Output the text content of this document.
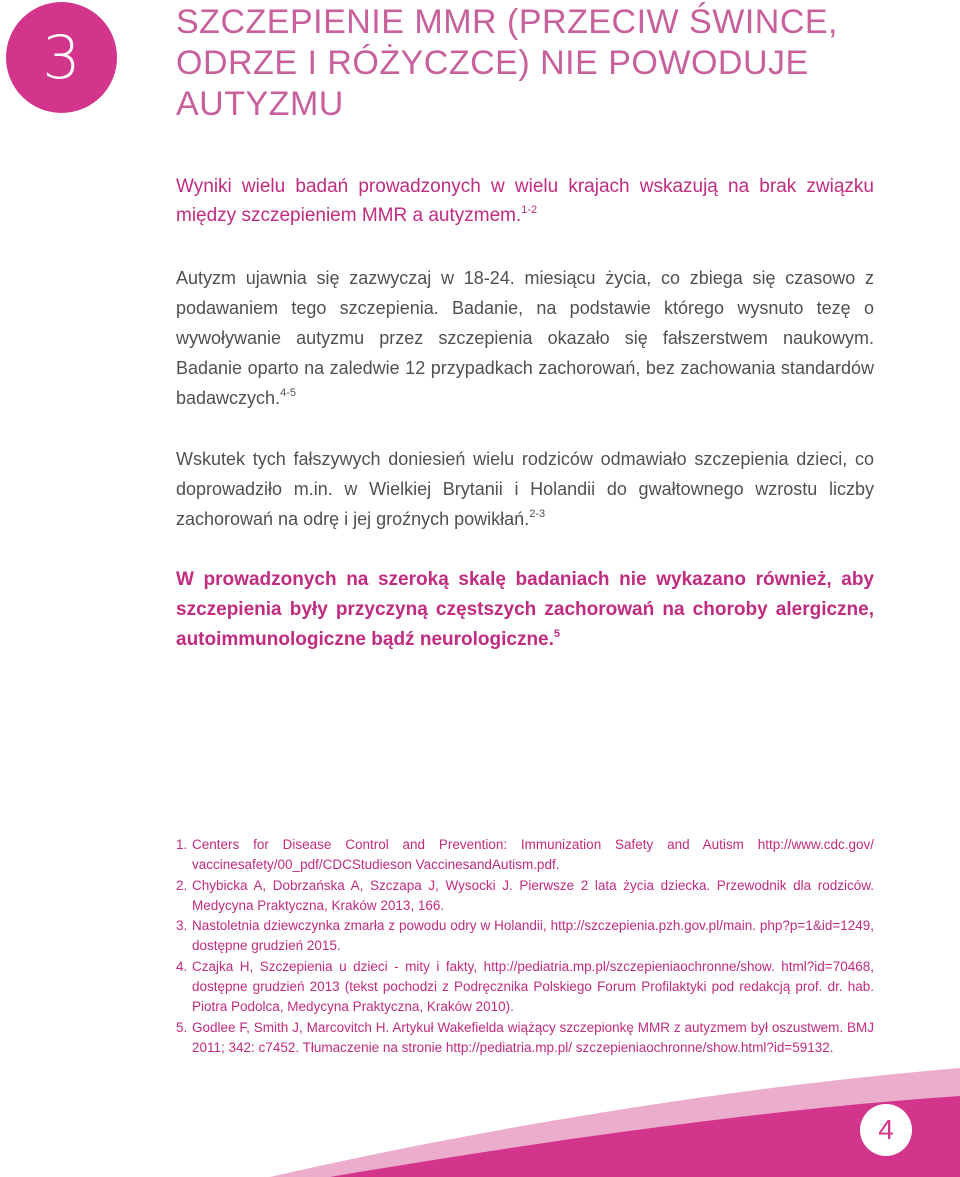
3
SZCZEPIENIE MMR (PRZECIW ŚWINCE, ODRZE I RÓŻYCZCE) NIE POWODUJE AUTYZMU

Wyniki wielu badań prowadzonych w wielu krajach wskazują na brak związku między szczepieniem MMR a autyzmem.$^{1-2}$

Autyzm ujawnia się zazwyczaj w 18-24. miesiącu życia, co zbiega się czasowo z podawaniem tego szczepienia. Badanie, na podstawie którego wysnuto tezę o wywoływanie autyzmu przez szczepienia okazało się fałszerstwem naukowym. Badanie oparto na zaledwie 12 przypadkach zachorowań, bez zachowania standardów badawczych.$^{4-5}$

Wskutek tych fałszywych doniesień wielu rodziców odmawiało szczepienia dzieci, co doprowadziło m.in. w Wielkiej Brytanii i Holandii do gwałtownego wzrostu liczby zachorowań na odrę i jej groźnych powikłań.$^{2-3}$

W prowadzonych na szeroką skalę badaniach nie wykazano również, aby szczepienia były przyczyną częstszych zachorowań na choroby alergiczne, autoimmunologiczne bądź neurologiczne.$^5$

1. Centers for Disease Control and Prevention: Immunization Safety and Autism http://www.cdc.gov/ vaccinesafety/00_pdf/CDCStudieson VaccinesandAutism.pdf.
2. Chybicka A, Dobrzańska A, Szczapa J, Wysocki J. Pierwsze 2 lata życia dziecka. Przewodnik dla rodziców. Medycyna Praktyczna, Kraków 2013, 166.
3. Nastoletnia dziewczynka zmarła z powodu odry w Holandii, http://szczepienia.pzh.gov.pl/main. php?p=1&id=1249, dostępne grudzień 2015.
4. Czajka H, Szczepienia u dzieci - mity i fakty, http://pediatria.mp.pl/szczepieniaochronne/show. html?id=70468, dostępne grudzień 2013 (tekst pochodzi z Podręcznika Polskiego Forum Profilaktyki pod redakcją prof. dr. hab. Piotra Podolca, Medycyna Praktyczna, Kraków 2010).
5. Godlee F, Smith J, Marcovitch H. Artykuł Wakefielda wiążący szczepionkę MMR z autyzmem był oszustwem. BMJ 2011; 342: c7452. Tłumaczenie na stronie http://pediatria.mp.pl/ szczepieniaochronne/show.html?id=59132.
4
